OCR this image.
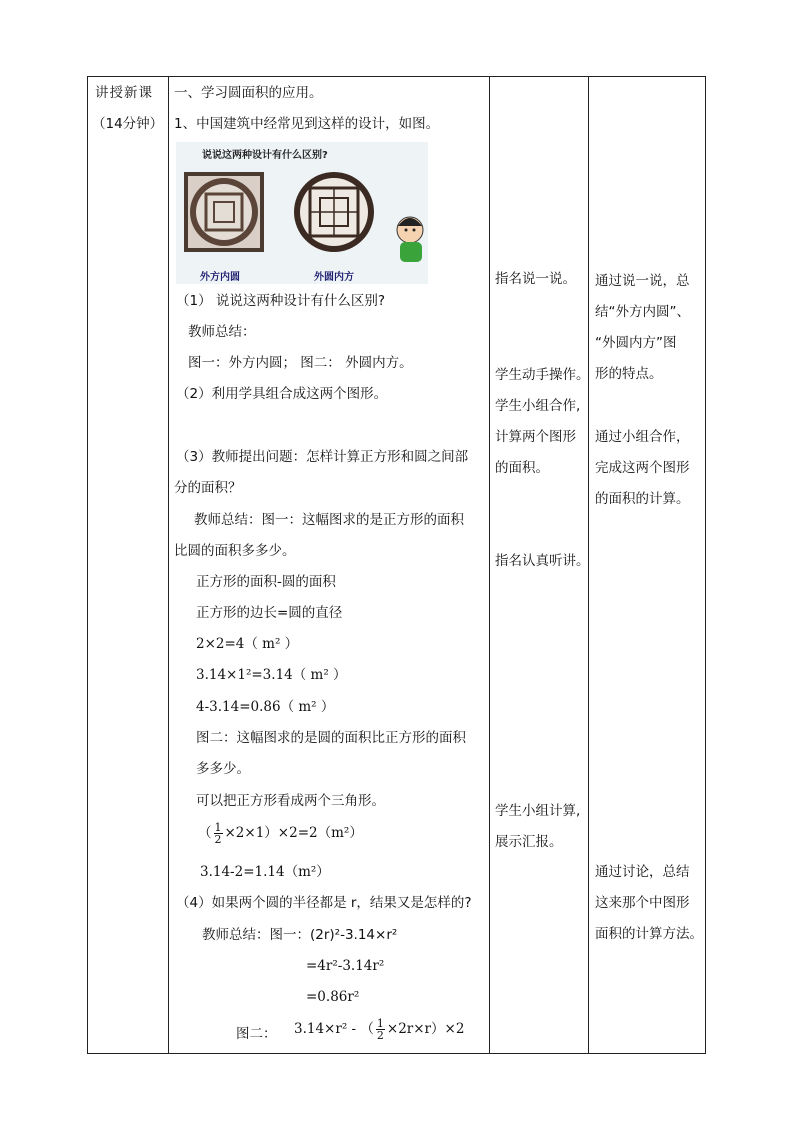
讲授新课
（14分钟）
一、学习圆面积的应用。
1、中国建筑中经常见到这样的设计，如图。
说说这两种设计有什么区别?
外方内圆	外圆内方
（1） 说说这两种设计有什么区别?
教师总结：
图一：外方内圆； 图二： 外圆内方。
（2）利用学具组合成这两个图形。
（3）教师提出问题：怎样计算正方形和圆之间部
分的面积？
教师总结：图一：这幅图求的是正方形的面积
比圆的面积多多少。
正方形的面积-圆的面积
正方形的边长=圆的直径
2×2=4（ m² ）
3.14×1²=3.14（ m² ）
4-3.14=0.86（ m² ）
图二：这幅图求的是圆的面积比正方形的面积
多多少。
可以把正方形看成两个三角形。
（ $\frac{1}{2} \times 2\times 1)\times 2=2(m^2)$
3.14-2=1.14（m²）
（4）如果两个圆的半径都是 r，结果又是怎样的?
教师总结：图一：(2r)²-3.14×r²
=4r²-3.14r²
=0.86r²
图二： 3.14×r² - （ $\frac{1}{2} \times 2r\times r)\times 2$
指名说一说。
学生动手操作。
学生小组合作,
计算两个图形
的面积。
指名认真听讲。
学生小组计算,
展示汇报。
通过说一说，总
结“外方内圆”、
“外圆内方”图
形的特点。
通过小组合作，
完成这两个图形
的面积的计算。
通过讨论，总结
这来那个中图形
面积的计算方法。
